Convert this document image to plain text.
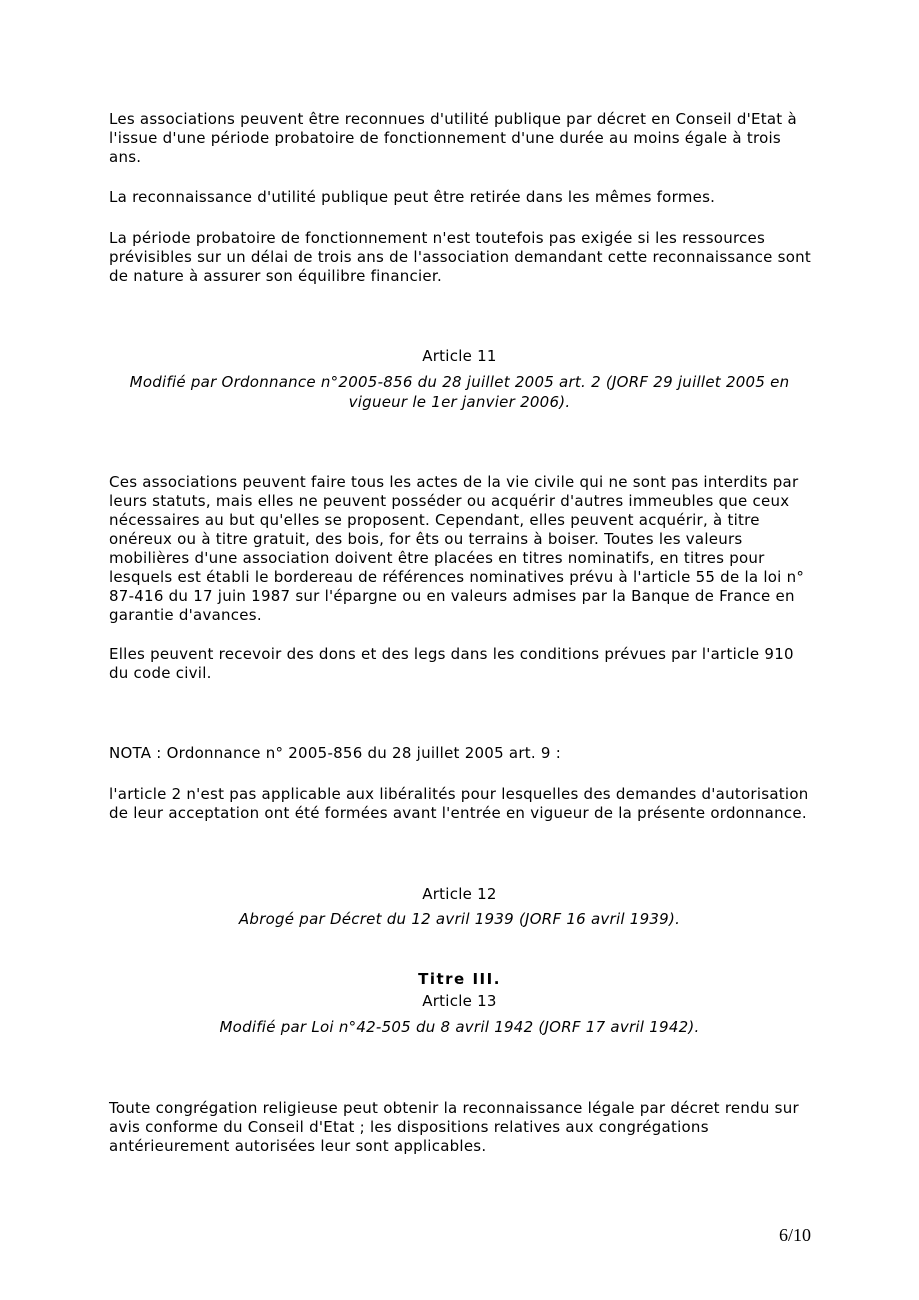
Les associations peuvent être reconnues d'utilité publique par décret en Conseil d'Etat à l'issue d'une période probatoire de fonctionnement d'une durée au moins égale à trois ans.

La reconnaissance d'utilité publique peut être retirée dans les mêmes formes.

La période probatoire de fonctionnement n'est toutefois pas exigée si les ressources prévisibles sur un délai de trois ans de l'association demandant cette reconnaissance sont de nature à assurer son équilibre financier.

Article 11

Modifié par Ordonnance n°2005-856 du 28 juillet 2005 art. 2 (JORF 29 juillet 2005 en

vigueur le 1er janvier 2006).

Ces associations peuvent faire tous les actes de la vie civile qui ne sont pas interdits par leurs statuts, mais elles ne peuvent posséder ou acquérir d'autres immeubles que ceux nécessaires au but qu'elles se proposent. Cependant, elles peuvent acquérir, à titre onéreux ou à titre gratuit, des bois, for êts ou terrains à boiser. Toutes les valeurs mobilières d'une association doivent être placées en titres nominatifs, en titres pour lesquels est établi le bordereau de références nominatives prévu à l'article 55 de la loi n° 87-416 du 17 juin 1987 sur l'épargne ou en valeurs admises par la Banque de France en garantie d'avances.

Elles peuvent recevoir des dons et des legs dans les conditions prévues par l'article 910 du code civil.

NOTA : Ordonnance n° 2005-856 du 28 juillet 2005 art. 9 :

l'article 2 n'est pas applicable aux libéralités pour lesquelles des demandes d'autorisation de leur acceptation ont été formées avant l'entrée en vigueur de la présente ordonnance.

Article 12

Abrogé par Décret du 12 avril 1939 (JORF 16 avril 1939).

Titre III.

Article 13

Modifié par Loi n°42-505 du 8 avril 1942 (JORF 17 avril 1942).

Toute congrégation religieuse peut obtenir la reconnaissance légale par décret rendu sur avis conforme du Conseil d'Etat ; les dispositions relatives aux congrégations antérieurement autorisées leur sont applicables.

6/10
